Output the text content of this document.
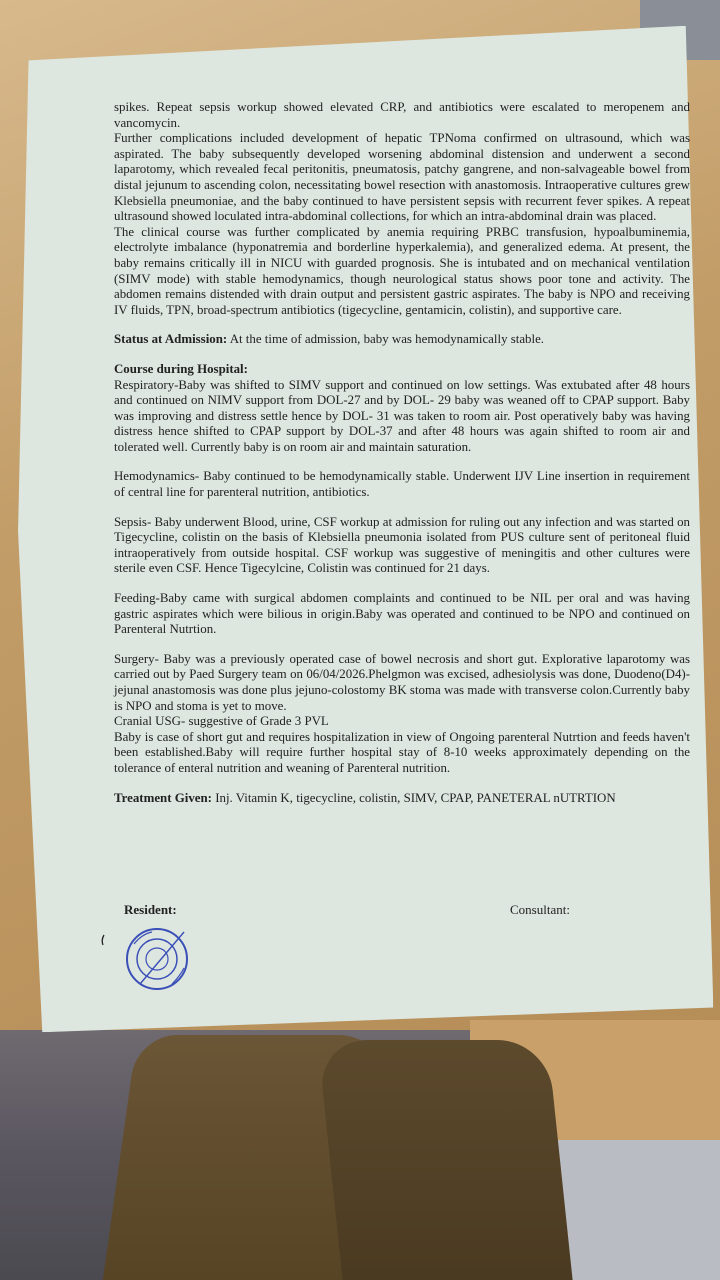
spikes. Repeat sepsis workup showed elevated CRP, and antibiotics were escalated to meropenem and vancomycin.

Further complications included development of hepatic TPNoma confirmed on ultrasound, which was aspirated. The baby subsequently developed worsening abdominal distension and underwent a second laparotomy, which revealed fecal peritonitis, pneumatosis, patchy gangrene, and non-salvageable bowel from distal jejunum to ascending colon, necessitating bowel resection with anastomosis. Intraoperative cultures grew Klebsiella pneumoniae, and the baby continued to have persistent sepsis with recurrent fever spikes. A repeat ultrasound showed loculated intra-abdominal collections, for which an intra-abdominal drain was placed.

The clinical course was further complicated by anemia requiring PRBC transfusion, hypoalbuminemia, electrolyte imbalance (hyponatremia and borderline hyperkalemia), and generalized edema. At present, the baby remains critically ill in NICU with guarded prognosis. She is intubated and on mechanical ventilation (SIMV mode) with stable hemodynamics, though neurological status shows poor tone and activity. The abdomen remains distended with drain output and persistent gastric aspirates. The baby is NPO and receiving IV fluids, TPN, broad-spectrum antibiotics (tigecycline, gentamicin, colistin), and supportive care.

Status at Admission: At the time of admission, baby was hemodynamically stable.

Course during Hospital:

Respiratory-Baby was shifted to SIMV support and continued on low settings. Was extubated after 48 hours and continued on NIMV support from DOL-27 and by DOL- 29 baby was weaned off to CPAP support. Baby was improving and distress settle hence by DOL- 31 was taken to room air. Post operatively baby was having distress hence shifted to CPAP support by DOL-37 and after 48 hours was again shifted to room air and tolerated well. Currently baby is on room air and maintain saturation.

Hemodynamics- Baby continued to be hemodynamically stable. Underwent IJV Line insertion in requirement of central line for parenteral nutrition, antibiotics.

Sepsis- Baby underwent Blood, urine, CSF workup at admission for ruling out any infection and was started on Tigecycline, colistin on the basis of Klebsiella pneumonia isolated from PUS culture sent of peritoneal fluid intraoperatively from outside hospital. CSF workup was suggestive of meningitis and other cultures were sterile even CSF. Hence Tigecylcine, Colistin was continued for 21 days.

Feeding-Baby came with surgical abdomen complaints and continued to be NIL per oral and was having gastric aspirates which were bilious in origin.Baby was operated and continued to be NPO and continued on Parenteral Nutrtion.

Surgery- Baby was a previously operated case of bowel necrosis and short gut. Explorative laparotomy was carried out by Paed Surgery team on 06/04/2026.Phelgmon was excised, adhesiolysis was done, Duodeno(D4)-jejunal anastomosis was done plus jejuno-colostomy BK stoma was made with transverse colon.Currently baby is NPO and stoma is yet to move.

Cranial USG- suggestive of Grade 3 PVL

Baby is case of short gut and requires hospitalization in view of Ongoing parenteral Nutrtion and feeds haven't been established.Baby will require further hospital stay of 8-10 weeks approximately depending on the tolerance of enteral nutrition and weaning of Parenteral nutrition.

Treatment Given: Inj. Vitamin K, tigecycline, colistin, SIMV, CPAP, PANETERAL nUTRTION

Resident:	Consultant:
